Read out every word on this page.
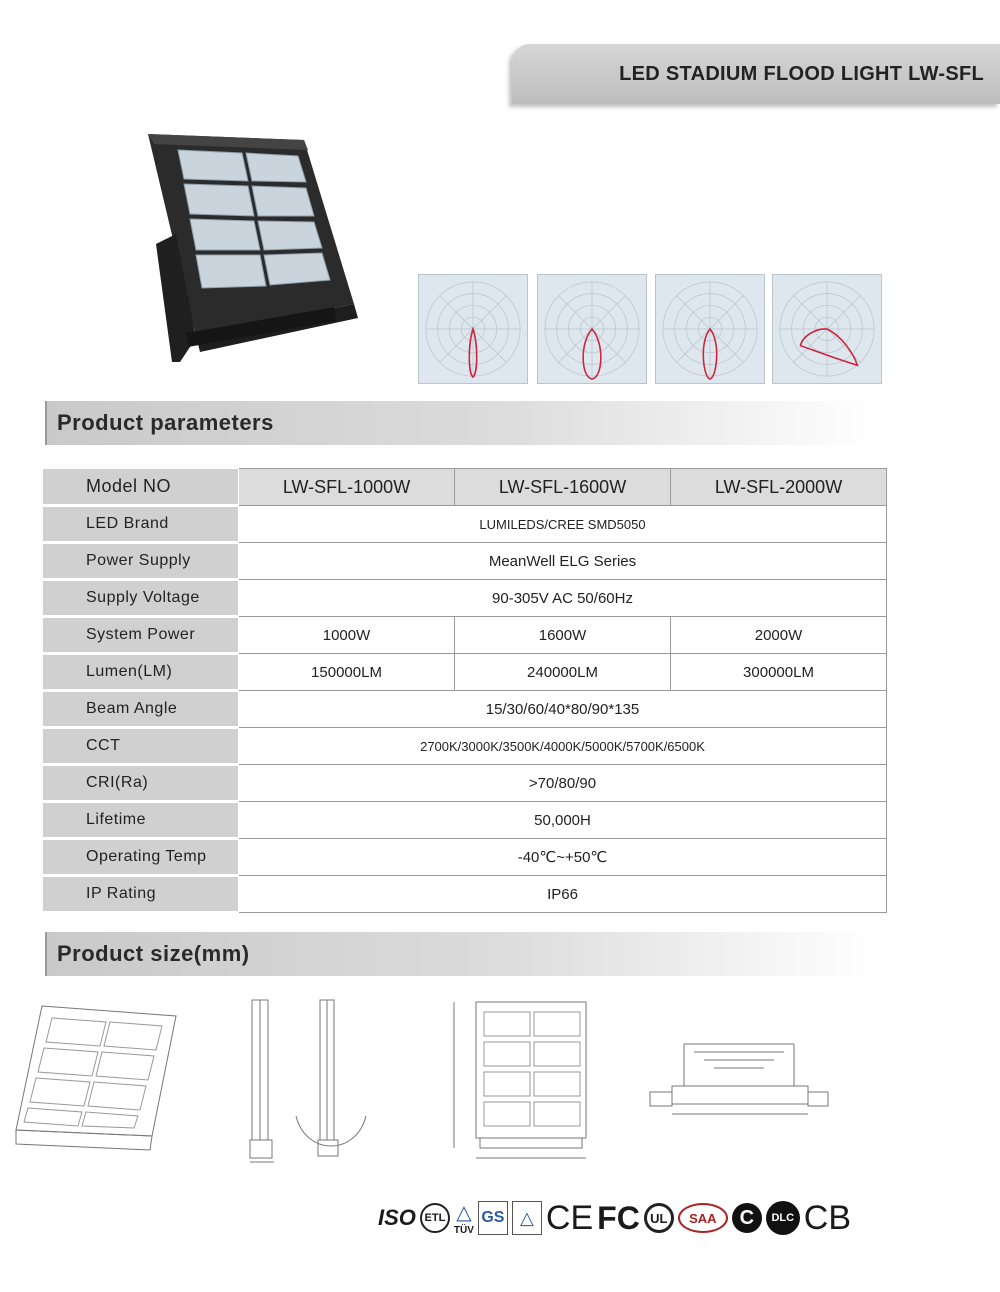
LED STADIUM FLOOD LIGHT LW-SFL
Product parameters
Model NO	LW-SFL-1000W	LW-SFL-1600W	LW-SFL-2000W
LED Brand	LUMILEDS/CREE SMD5050		
Power Supply	MeanWell ELG Series		
Supply Voltage	90-305V AC 50/60Hz		
System Power	1000W	1600W	2000W
Lumen(LM)	150000LM	240000LM	300000LM
Beam Angle	15/30/60/40*80/90*135		
CCT	2700K/3000K/3500K/4000K/5000K/5700K/6500K		
CRI(Ra)	>70/80/90		
Lifetime	50,000H		
Operating Temp	-40℃~+50℃		
IP Rating	IP66		
Product size(mm)
ISO ETL △
TÜV
GS △ CE FC UL	SAA	C	DLC CB
